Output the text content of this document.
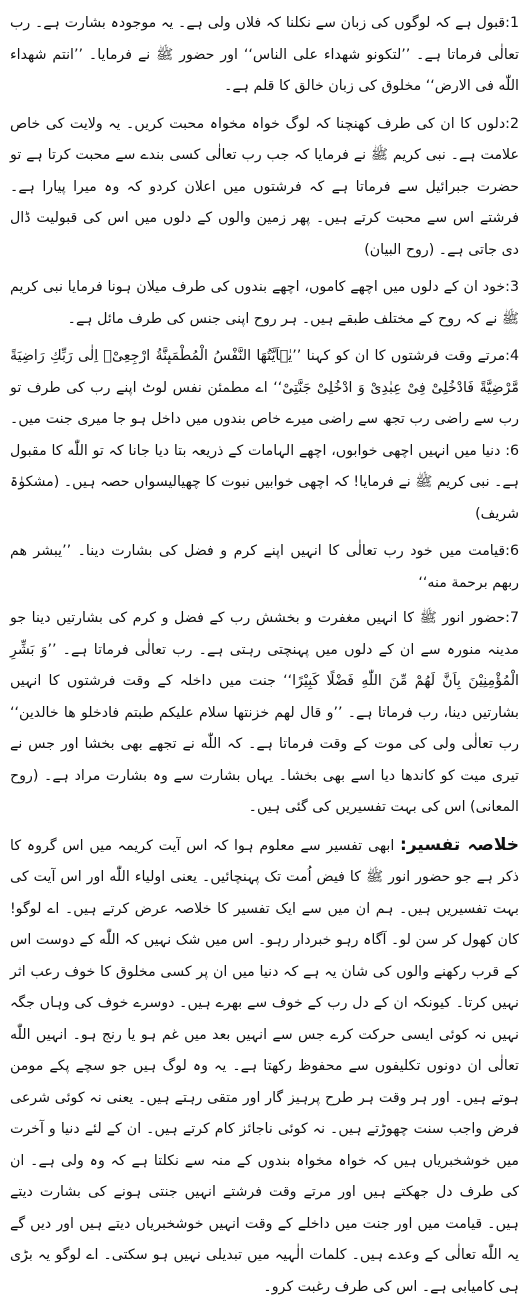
1:قبول ہے کہ لوگوں کی زبان سے نکلنا کہ فلاں ولی ہے۔ یہ موجودہ بشارت ہے۔ رب تعالٰی فرماتا ہے۔ ’’لتکونو شهداء علی الناس‘‘ اور حضور ﷺ نے فرمایا۔ ’’انتم شهداء اللّٰه فی الارض‘‘ مخلوق کی زبان خالق کا قلم ہے۔

2:دلوں کا ان کی طرف کھنچنا کہ لوگ خواہ مخواہ محبت کریں۔ یہ ولایت کی خاص علامت ہے۔ نبی کریم ﷺ نے فرمایا کہ جب رب تعالٰی کسی بندے سے محبت کرتا ہے تو حضرت جبرائیل سے فرماتا ہے کہ فرشتوں میں اعلان کردو کہ وہ میرا پیارا ہے۔ فرشتے اس سے محبت کرتے ہیں۔ پھر زمین والوں کے دلوں میں اس کی قبولیت ڈال دی جاتی ہے۔ (روح البیان)

3:خود ان کے دلوں میں اچھے کاموں، اچھے بندوں کی طرف میلان ہونا فرمایا نبی کریم ﷺ نے کہ روح کے مختلف طبقے ہیں۔ ہر روح اپنی جنس کی طرف مائل ہے۔

4:مرتے وقت فرشتوں کا ان کو کہنا ’’یٰۤاَیَّتُهَا النَّفْسُ الْمُطْمَىٕنَّةُ ارْجِعِیْۤ اِلٰى رَبِّكِ رَاضِیَةً مَّرْضِیَّةً فَادْخُلِیْ فِیْ عِبٰدِیْ وَ ادْخُلِیْ جَنَّتِیْ‘‘ اے مطمئن نفس لوٹ اپنے رب کی طرف تو رب سے راضی رب تجھ سے راضی میرے خاص بندوں میں داخل ہو جا میری جنت میں۔ 6: دنیا میں انہیں اچھی خوابوں، اچھے الہامات کے ذریعہ بتا دیا جانا کہ تو اللّٰه کا مقبول ہے۔ نبی کریم ﷺ نے فرمایا! کہ اچھی خوابیں نبوت کا چھیالیسواں حصہ ہیں۔ (مشکوٰۃ شریف)

6:قیامت میں خود رب تعالٰی کا انہیں اپنے کرم و فضل کی بشارت دینا۔ ’’یبشر هم ربهم برحمة منه‘‘

7:حضور انور ﷺ کا انہیں مغفرت و بخشش رب کے فضل و کرم کی بشارتیں دینا جو مدینہ منورہ سے ان کے دلوں میں پہنچتی رہتی ہے۔ رب تعالٰی فرماتا ہے۔ ’’وَ بَشِّرِ الْمُؤْمِنِیْنَ بِاَنَّ لَهُمْ مِّنَ اللّٰهِ فَضْلًا كَبِیْرًا‘‘ جنت میں داخلہ کے وقت فرشتوں کا انہیں بشارتیں دینا، رب فرماتا ہے۔ ’’و قال لهم خزنتها سلام علیکم طبتم فادخلو ها خالدین‘‘ رب تعالٰی ولی کی موت کے وقت فرماتا ہے۔ کہ اللّٰه نے تجھے بھی بخشا اور جس نے تیری میت کو کاندھا دیا اسے بھی بخشا۔ یہاں بشارت سے وہ بشارت مراد ہے۔ (روح المعانی) اس کی بہت تفسیریں کی گئی ہیں۔

خلاصہ تفسیر: ابھی تفسیر سے معلوم ہوا کہ اس آیت کریمہ میں اس گروہ کا ذکر ہے جو حضور انور ﷺ کا فیض اُمت تک پہنچائیں۔ یعنی اولیاء اللّٰه اور اس آیت کی بہت تفسیریں ہیں۔ ہم ان میں سے ایک تفسیر کا خلاصہ عرض کرتے ہیں۔ اے لوگو! کان کھول کر سن لو۔ آگاہ رہو خبردار رہو۔ اس میں شک نہیں کہ اللّٰه کے دوست اس کے قرب رکھنے والوں کی شان یہ ہے کہ دنیا میں ان پر کسی مخلوق کا خوف رعب اثر نہیں کرتا۔ کیونکہ ان کے دل رب کے خوف سے بھرے ہیں۔ دوسرے خوف کی وہاں جگہ نہیں نہ کوئی ایسی حرکت کرے جس سے انہیں بعد میں غم ہو یا رنج ہو۔ انہیں اللّٰه تعالٰی ان دونوں تکلیفوں سے محفوظ رکھتا ہے۔ یہ وہ لوگ ہیں جو سچے پکے مومن ہوتے ہیں۔ اور ہر وقت ہر طرح پرہیز گار اور متقی رہتے ہیں۔ یعنی نہ کوئی شرعی فرض واجب سنت چھوڑتے ہیں۔ نہ کوئی ناجائز کام کرتے ہیں۔ ان کے لئے دنیا و آخرت میں خوشخبریاں ہیں کہ خواہ مخواہ بندوں کے منہ سے نکلتا ہے کہ وہ ولی ہے۔ ان کی طرف دل جھکتے ہیں اور مرتے وقت فرشتے انہیں جنتی ہونے کی بشارت دیتے ہیں۔ قیامت میں اور جنت میں داخلے کے وقت انہیں خوشخبریاں دیتے ہیں اور دیں گے یہ اللّٰه تعالٰی کے وعدے ہیں۔ کلمات الٰہیہ میں تبدیلی نہیں ہو سکتی۔ اے لوگو یہ بڑی ہی کامیابی ہے۔ اس کی طرف رغبت کرو۔
